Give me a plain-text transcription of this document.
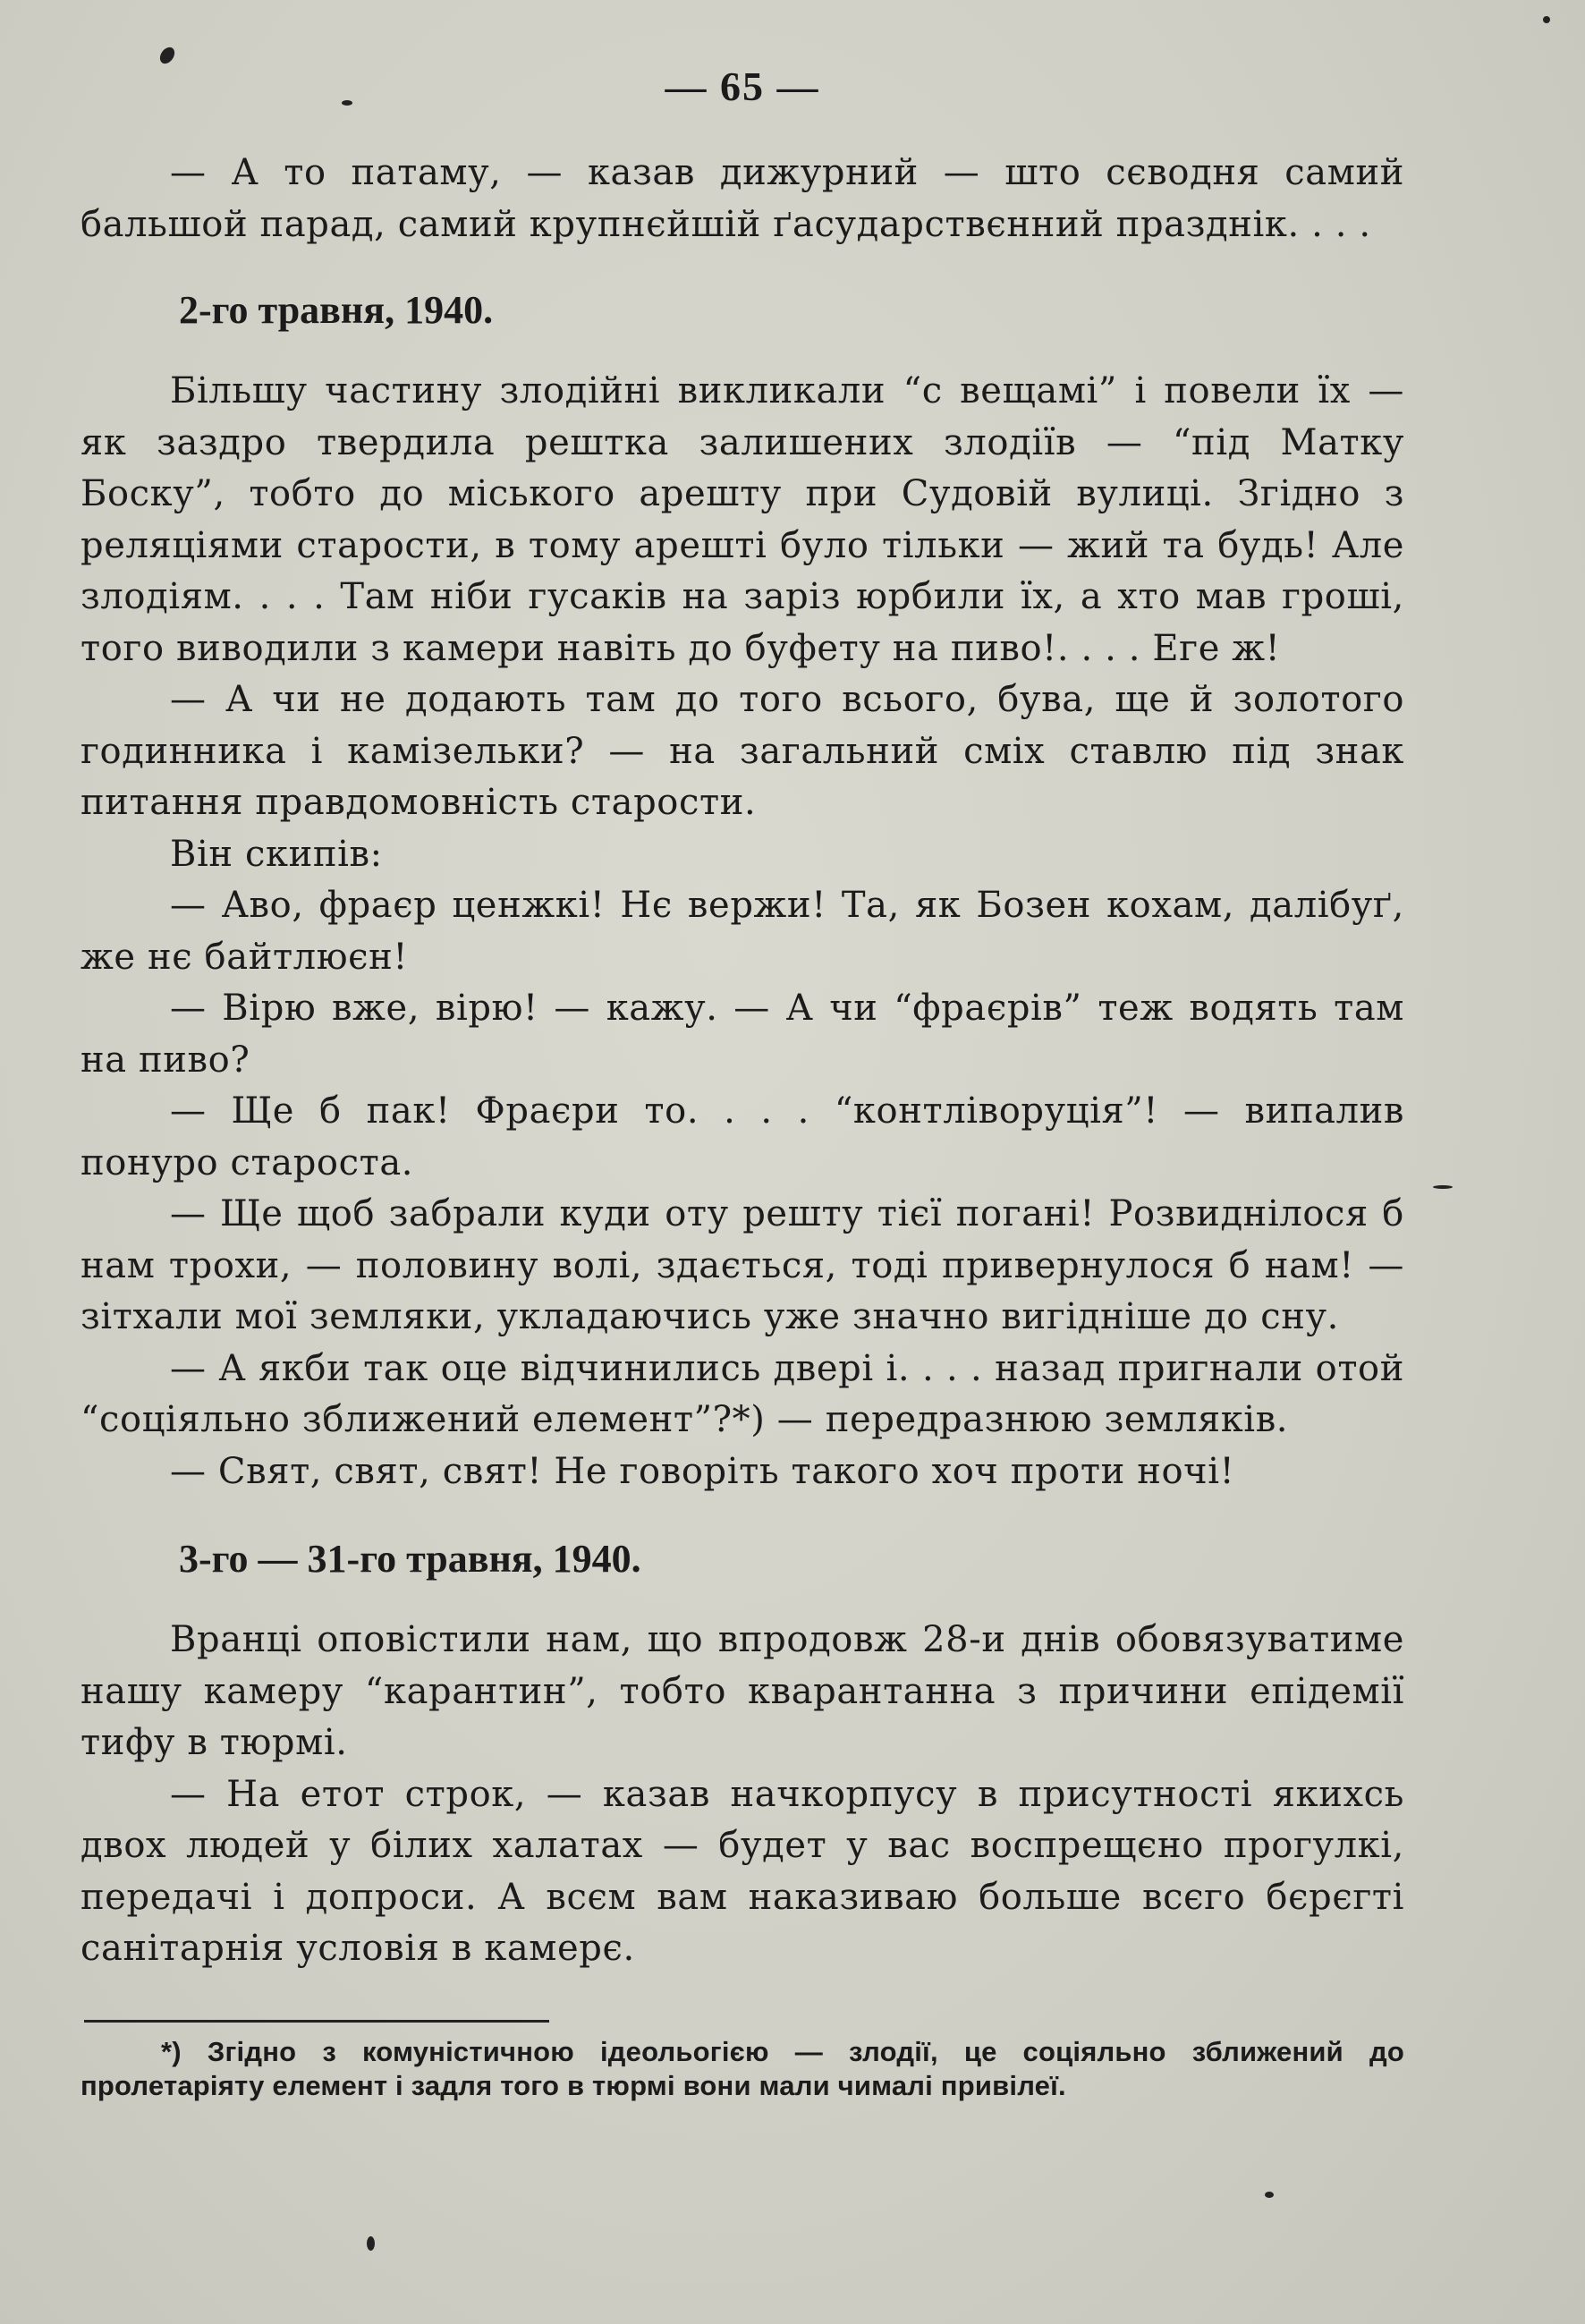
— 65 —

— А то патаму, — казав дижурний — што сєводня самий бальшой парад, самий крупнєйшій ґасударствєнний празднік. . . .

2-го травня, 1940.

Більшу частину злодійні викликали “с вещамі” і повели їх — як заздро твердила решткa залишених злодіїв — “під Матку Боску”, тобто до міського арешту при Судовій вулиці. Згідно з реляціями старости, в тому арешті було тільки — жий та будь! Але злодіям. . . . Там ніби гусаків на заріз юрбили їх, а хто мав гроші, того виводили з камери навіть до буфету на пиво!. . . . Еге ж!

— А чи не додають там до того всього, бува, ще й золотого годинника і камізельки? — на загальний сміх ставлю під знак питання правдомовність старости.

Він скипів:

— Аво, фраєр ценжкі! Нє вержи! Та, як Бозен кохам, далібуґ, же нє байтлюєн!

— Вірю вже, вірю! — кажу. — А чи “фраєрів” теж водять там на пиво?

— Ще б пак! Фраєри то. . . . “контліворуція”! — випалив понуро староста.

— Ще щоб забрали куди оту решту тієї погані! Розвиднілося б нам трохи, — половину волі, здається, тоді привернулося б нам! — зітхали мої земляки, укладаючись уже значно вигідніше до сну.

— А якби так оце відчинились двері і. . . . назад пригнали отой “соціяльно зближений елемент”?*) — передразнюю земляків.

— Свят, свят, свят! Не говоріть такого хоч проти ночі!

3-го — 31-го травня, 1940.

Вранці оповістили нам, що впродовж 28-и днів обовязуватиме нашу камеру “карантин”, тобто кварантанна з причини епідемії тифу в тюрмі.

— На етот строк, — казав начкорпусу в присутності якихсь двох людей у білих халатах — будет у вас воспрещєно прогулкі, передачі і допроси. А всєм вам наказиваю больше всєго бєрєгті санітарнія условія в камерє.

*) Згідно з комуністичною ідеольогією — злодії, це соціяльно зближений до пролетаріяту елемент і задля того в тюрмі вони мали чималі привілеї.
